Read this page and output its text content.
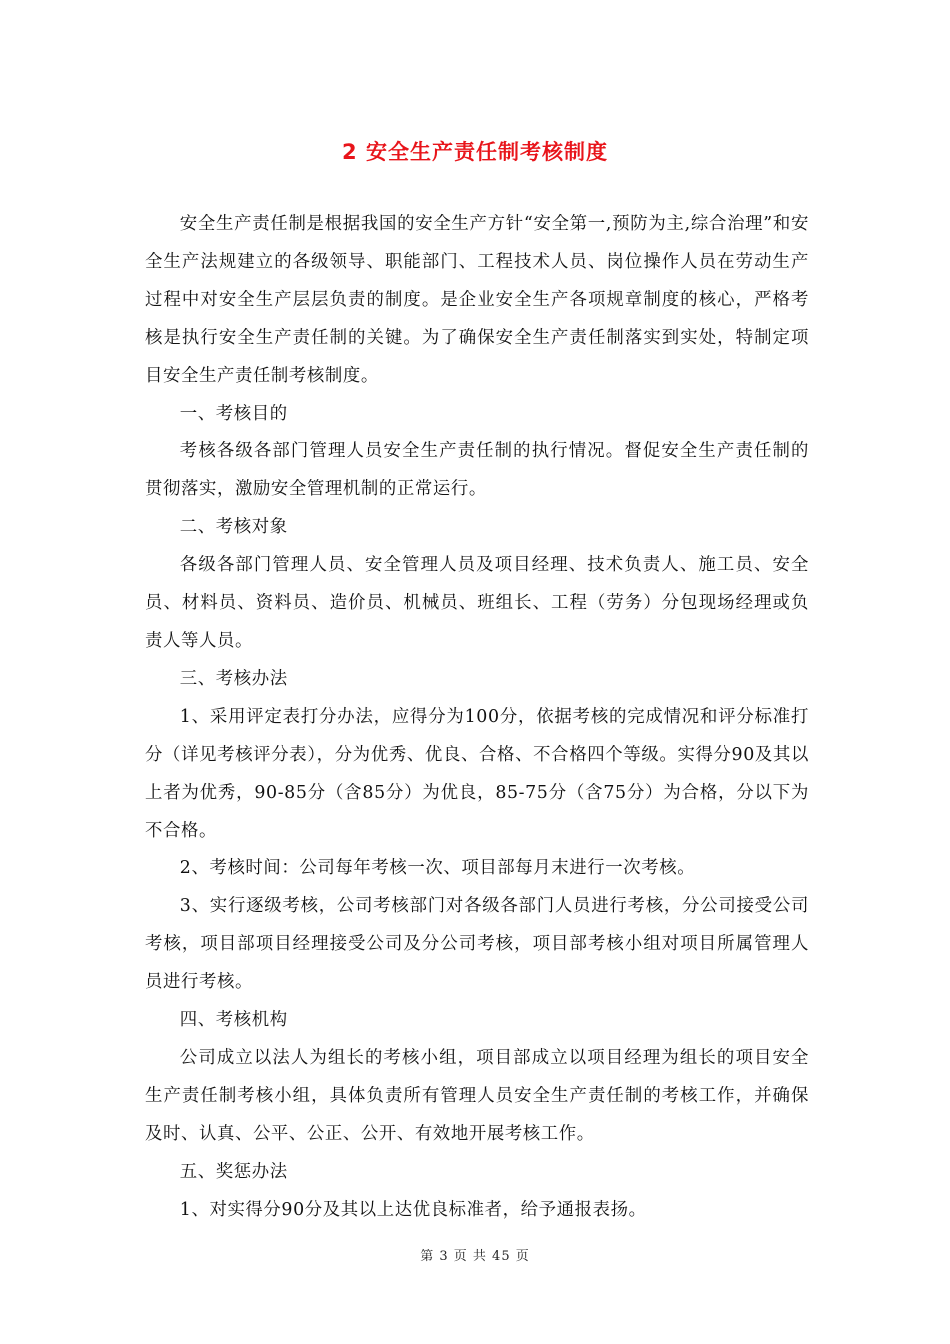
2 安全生产责任制考核制度

安全生产责任制是根据我国的安全生产方针“安全第一,预防为主,综合治理”和安全生产法规建立的各级领导、职能部门、工程技术人员、岗位操作人员在劳动生产过程中对安全生产层层负责的制度。是企业安全生产各项规章制度的核心，严格考核是执行安全生产责任制的关键。为了确保安全生产责任制落实到实处，特制定项目安全生产责任制考核制度。

一、考核目的

考核各级各部门管理人员安全生产责任制的执行情况。督促安全生产责任制的贯彻落实，激励安全管理机制的正常运行。

二、考核对象

各级各部门管理人员、安全管理人员及项目经理、技术负责人、施工员、安全员、材料员、资料员、造价员、机械员、班组长、工程（劳务）分包现场经理或负责人等人员。

三、考核办法

1、采用评定表打分办法，应得分为100分，依据考核的完成情况和评分标准打分（详见考核评分表），分为优秀、优良、合格、不合格四个等级。实得分90及其以上者为优秀，90-85分（含85分）为优良，85-75分（含75分）为合格，分以下为不合格。

2、考核时间：公司每年考核一次、项目部每月末进行一次考核。

3、实行逐级考核，公司考核部门对各级各部门人员进行考核，分公司接受公司考核，项目部项目经理接受公司及分公司考核，项目部考核小组对项目所属管理人员进行考核。

四、考核机构

公司成立以法人为组长的考核小组，项目部成立以项目经理为组长的项目安全生产责任制考核小组，具体负责所有管理人员安全生产责任制的考核工作，并确保及时、认真、公平、公正、公开、有效地开展考核工作。

五、奖惩办法

1、对实得分90分及其以上达优良标准者，给予通报表扬。

第 3 页 共 45 页
